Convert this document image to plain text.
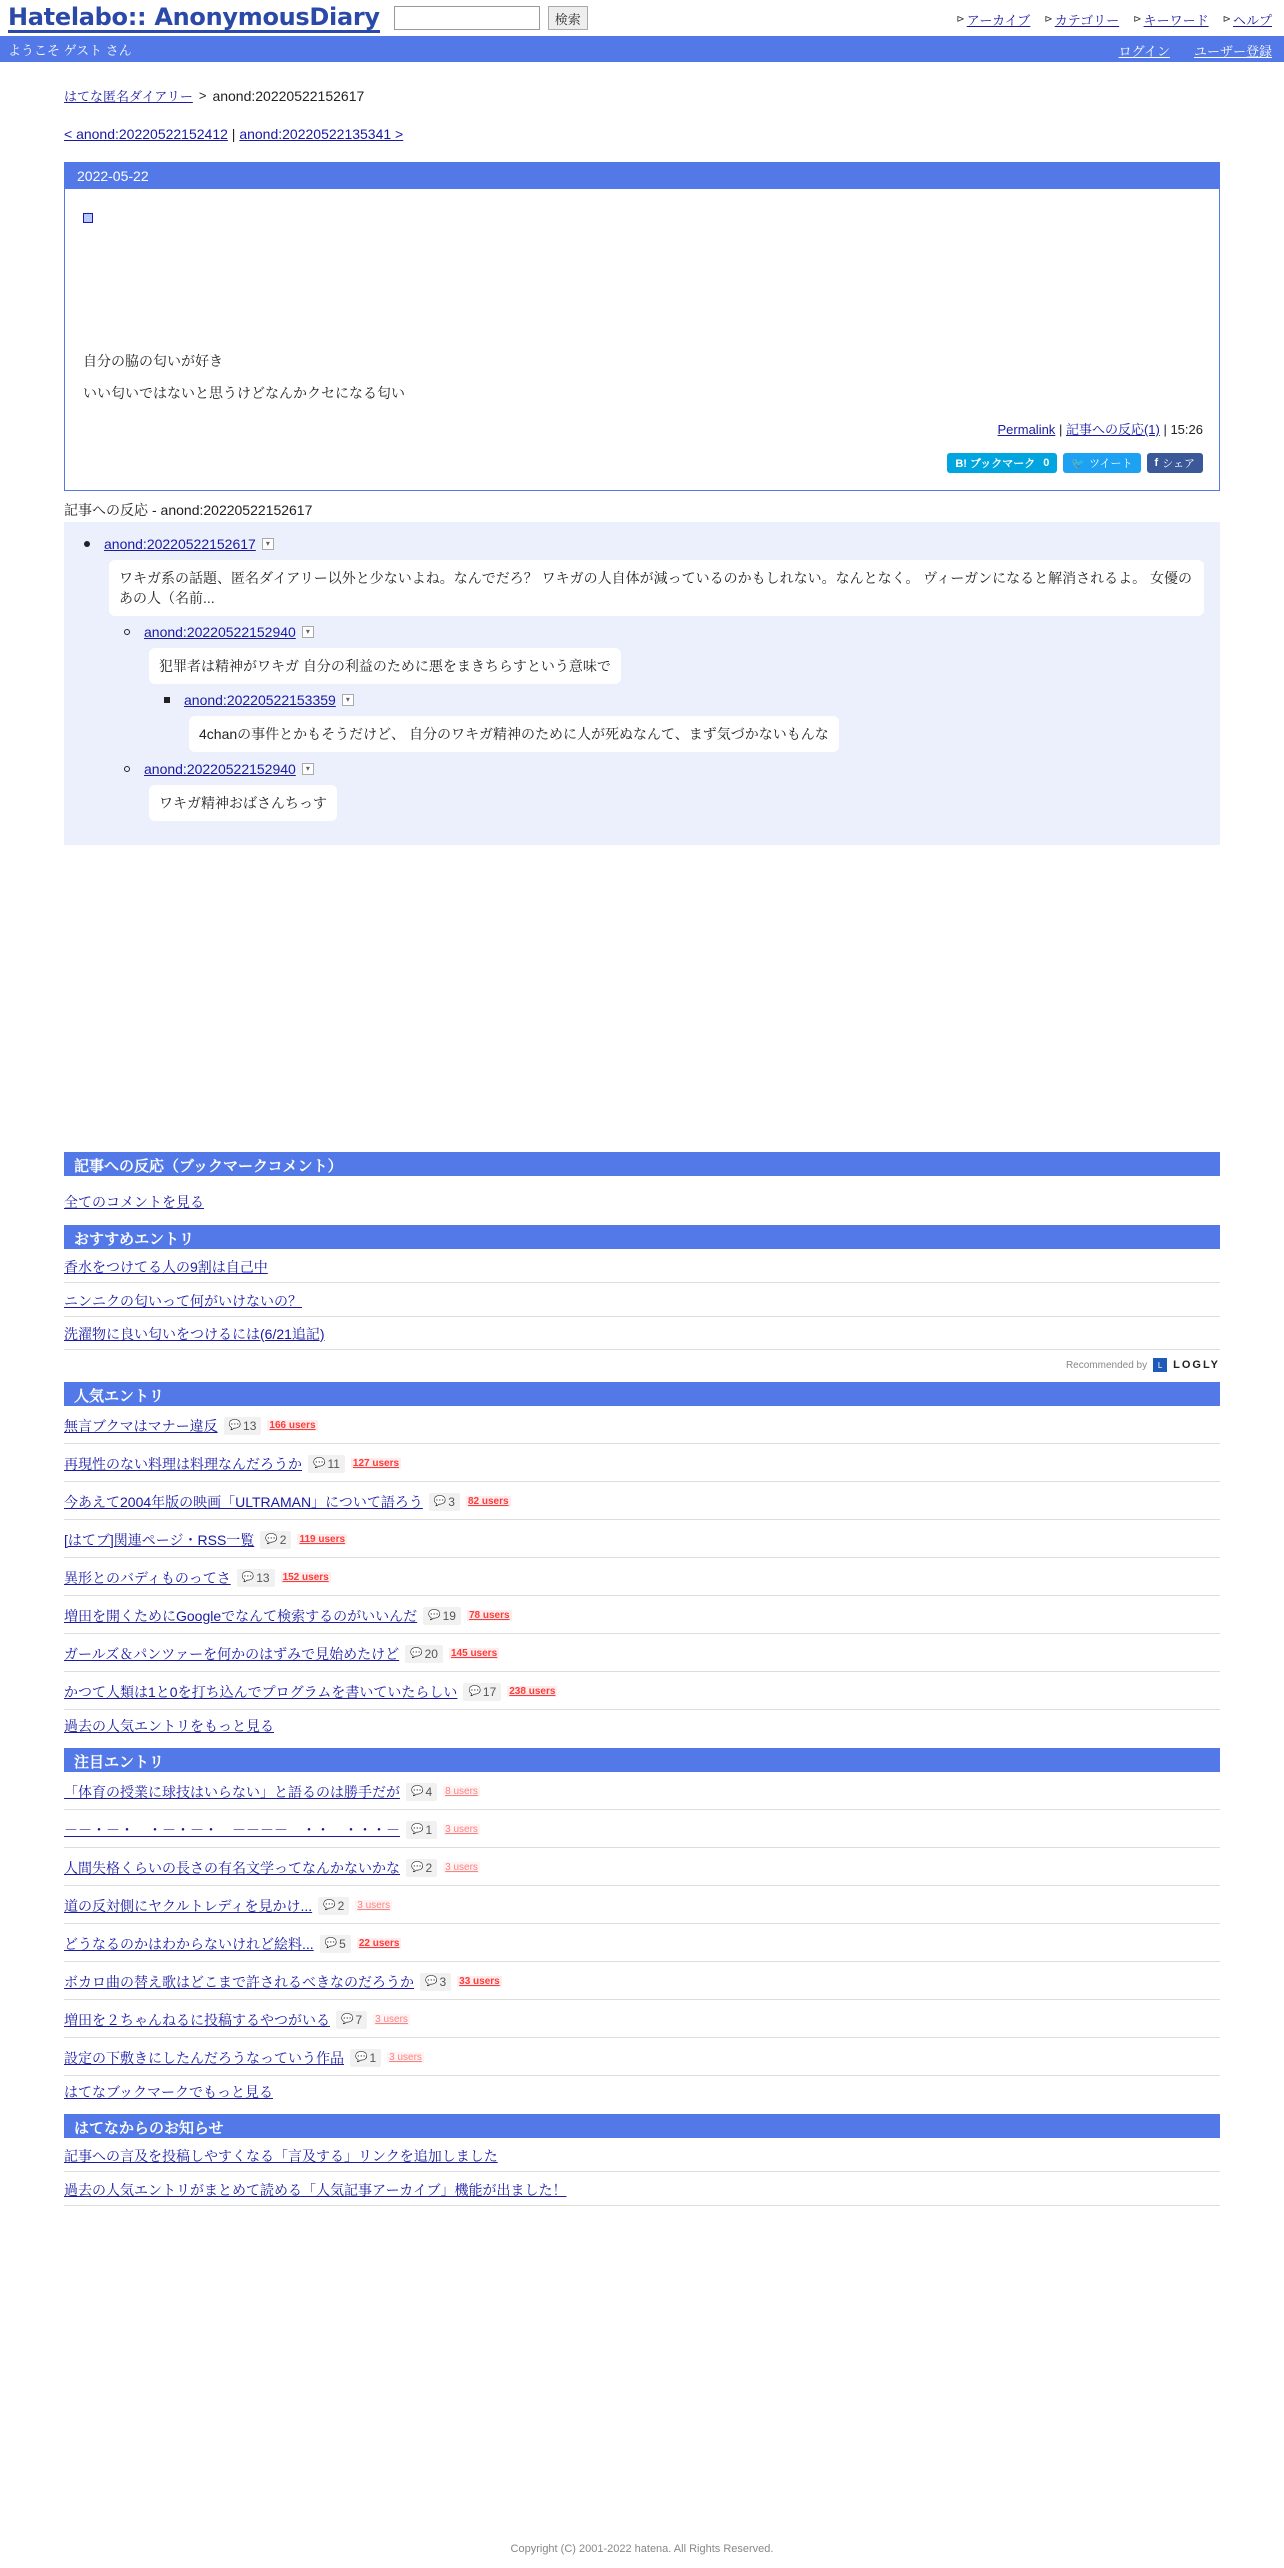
Hatelabo:: AnonymousDiary	検索	⊳ アーカイブ ⊳ カテゴリー ⊳ キーワード ⊳ ヘルプ
ようこそ ゲスト さん	ログイン ユーザー登録
はてな匿名ダイアリー > anond:20220522152617
< anond:20220522152412 | anond:20220522135341 >
2022-05-22
自分の脇の匂いが好き
いい匂いではないと思うけどなんかクセになる匂い
Permalink | 記事への反応(1) | 15:26
B! ブックマーク 0 🐦 ツイート f シェア
記事への反応 - anond:20220522152617
anond:20220522152617	▾
ワキガ系の話題、匿名ダイアリー以外と少ないよね。なんでだろ？ ワキガの人自体が減っているのかもしれない。なんとなく。 ヴィーガンになると解消されるよ。 女優のあの人（名前...
anond:20220522152940	▾
犯罪者は精神がワキガ 自分の利益のために悪をまきちらすという意味で
anond:20220522153359	▾
4chanの事件とかもそうだけど、 自分のワキガ精神のために人が死ぬなんて、まず気づかないもんな
anond:20220522152940	▾
ワキガ精神おばさんちっす
記事への反応（ブックマークコメント）
全てのコメントを見る
おすすめエントリ
香水をつけてる人の9割は自己中
ニンニクの匂いって何がいけないの？
洗濯物に良い匂いをつけるには(6/21追記)
Recommended by	L LOGLY
人気エントリ
無言ブクマはマナー違反 💬 13 166 users
再現性のない料理は料理なんだろうか 💬 11 127 users
今あえて2004年版の映画「ULTRAMAN」について語ろう 💬 3 82 users
[はてブ]関連ページ・RSS一覧 💬 2 119 users
異形とのバディものってさ 💬 13 152 users
増田を開くためにGoogleでなんて検索するのがいいんだ 💬 19 78 users
ガールズ＆パンツァーを何かのはずみで見始めたけど 💬 20 145 users
かつて人類は1と0を打ち込んでプログラムを書いていたらしい 💬 17 238 users
過去の人気エントリをもっと見る
注目エントリ
「体育の授業に球技はいらない」と語るのは勝手だが 💬 4 8 users
－－・－・　・－・－・　－－－－　・・　・・・－ 💬 1 3 users
人間失格くらいの長さの有名文学ってなんかないかな 💬 2 3 users
道の反対側にヤクルトレディを見かけ... 💬 2 3 users
どうなるのかはわからないけれど絵料... 💬 5 22 users
ボカロ曲の替え歌はどこまで許されるべきなのだろうか 💬 3 33 users
増田を２ちゃんねるに投稿するやつがいる 💬 7 3 users
設定の下敷きにしたんだろうなっていう作品 💬 1 3 users
はてなブックマークでもっと見る
はてなからのお知らせ
記事への言及を投稿しやすくなる「言及する」リンクを追加しました
過去の人気エントリがまとめて読める「人気記事アーカイブ」機能が出ました！
Copyright (C) 2001-2022 hatena. All Rights Reserved.
